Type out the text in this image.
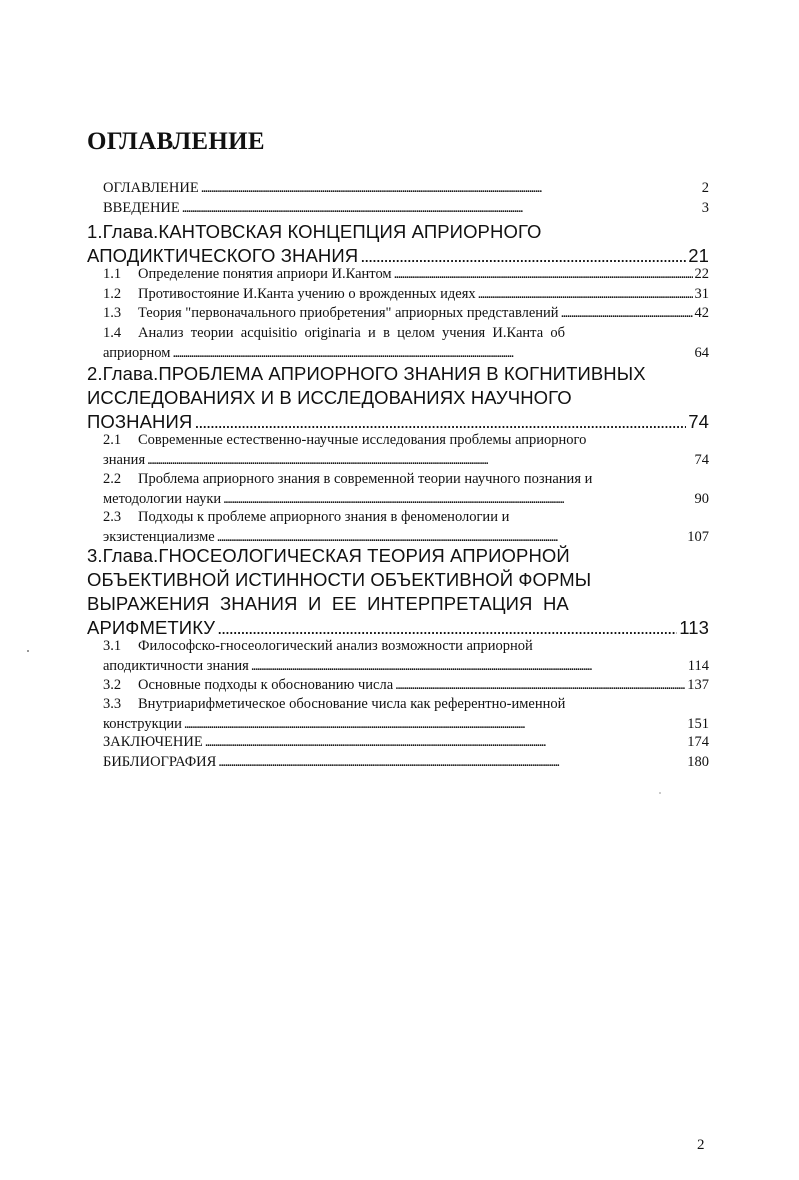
ОГЛАВЛЕНИЕ
ОГЛАВЛЕНИЕ . . .	2
ВВЕДЕНИЕ . . .	3
1.Глава.КАНТОВСКАЯ КОНЦЕПЦИЯ АПРИОРНОГО
АПОДИКТИЧЕСКОГО ЗНАНИЯ . . .	21
1.1 Определение понятия априори И.Кантом . . .	22
1.2 Противостояние И.Канта учению о врожденных идеях . . .	31
1.3 Теория "первоначального приобретения" априорных представлений . . .	42
1.4 Анализ  теории  acquisitio  originaria  и  в  целом  учения  И.Канта  об
априорном . . .	64
2.Глава.ПРОБЛЕМА АПРИОРНОГО ЗНАНИЯ В КОГНИТИВНЫХ
ИССЛЕДОВАНИЯХ И В ИССЛЕДОВАНИЯХ НАУЧНОГО
ПОЗНАНИЯ . . .	74
2.1 Современные естественно-научные исследования проблемы априорного
знания . . .	74
2.2 Проблема априорного знания в современной теории научного познания и
методологии науки . . .	90
2.3 Подходы к проблеме априорного знания в феноменологии и
экзистенциализме . . .	107
3.Глава.ГНОСЕОЛОГИЧЕСКАЯ ТЕОРИЯ АПРИОРНОЙ
ОБЪЕКТИВНОЙ ИСТИННОСТИ ОБЪЕКТИВНОЙ ФОРМЫ
ВЫРАЖЕНИЯ  ЗНАНИЯ  И  ЕЕ  ИНТЕРПРЕТАЦИЯ  НА
АРИФМЕТИКУ . . .	113
3.1 Философско-гносеологический анализ возможности априорной
аподиктичности знания . . .	114
3.2 Основные подходы к обоснованию числа . . .	137
3.3 Внутриарифметическое обоснование числа как референтно-именной
конструкции . . .	151
ЗАКЛЮЧЕНИЕ . . .	174
БИБЛИОГРАФИЯ . . .	180
2
